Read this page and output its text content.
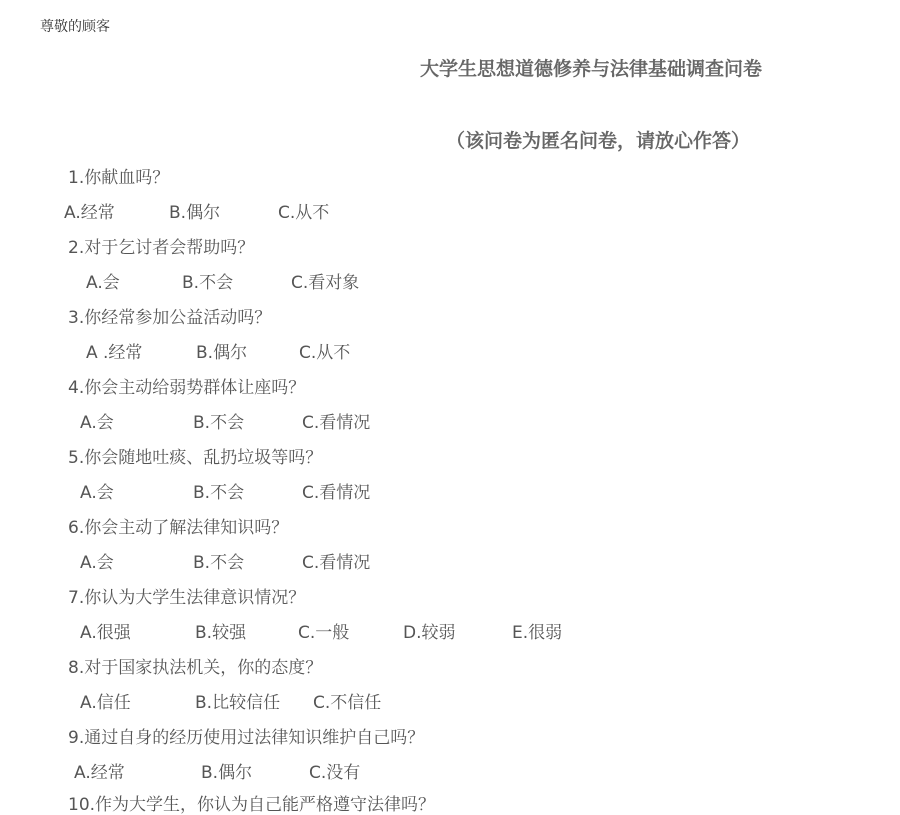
尊敬的顾客
大学生思想道德修养与法律基础调查问卷
（该问卷为匿名问卷，请放心作答）
1.你献血吗？
A.经常	B.偶尔	C.从不
2.对于乞讨者会帮助吗？
A.会	B.不会	C.看对象
3.你经常参加公益活动吗？
A .经常	B.偶尔	C.从不
4.你会主动给弱势群体让座吗？
A.会	B.不会	C.看情况
5.你会随地吐痰、乱扔垃圾等吗？
A.会	B.不会	C.看情况
6.你会主动了解法律知识吗？
A.会	B.不会	C.看情况
7.你认为大学生法律意识情况？
A.很强	B.较强	C.一般	D.较弱	E.很弱
8.对于国家执法机关，你的态度？
A.信任	B.比较信任 C.不信任
9.通过自身的经历使用过法律知识维护自己吗？
A.经常	B.偶尔	C.没有
10.作为大学生，你认为自己能严格遵守法律吗？
